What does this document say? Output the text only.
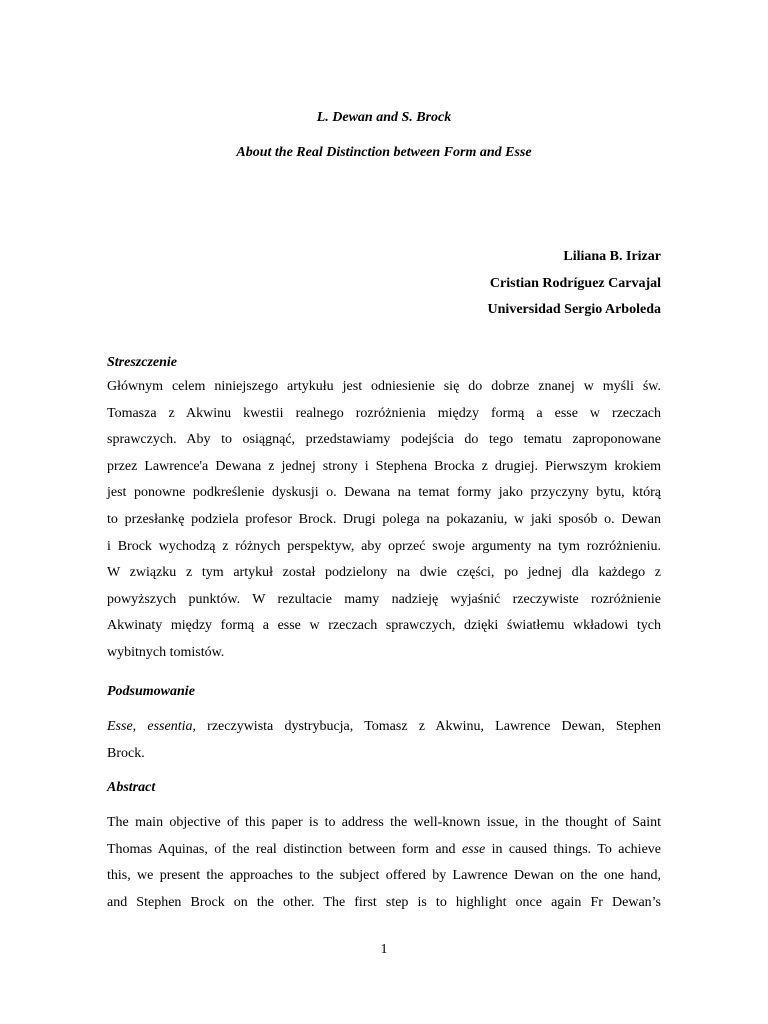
L. Dewan and S. Brock
About the Real Distinction between Form and Esse
Liliana B. Irizar
Cristian Rodríguez Carvajal
Universidad Sergio Arboleda
Streszczenie
Głównym celem niniejszego artykułu jest odniesienie się do dobrze znanej w myśli św.
Tomasza z Akwinu kwestii realnego rozróżnienia między formą a esse w rzeczach
sprawczych. Aby to osiągnąć, przedstawiamy podejścia do tego tematu zaproponowane
przez Lawrence'a Dewana z jednej strony i Stephena Brocka z drugiej. Pierwszym krokiem
jest ponowne podkreślenie dyskusji o. Dewana na temat formy jako przyczyny bytu, którą
to przesłankę podziela profesor Brock. Drugi polega na pokazaniu, w jaki sposób o. Dewan
i Brock wychodzą z różnych perspektyw, aby oprzeć swoje argumenty na tym rozróżnieniu.
W związku z tym artykuł został podzielony na dwie części, po jednej dla każdego z
powyższych punktów. W rezultacie mamy nadzieję wyjaśnić rzeczywiste rozróżnienie
Akwinaty między formą a esse w rzeczach sprawczych, dzięki światłemu wkładowi tych
wybitnych tomistów.
Podsumowanie
Esse, essentia, rzeczywista dystrybucja, Tomasz z Akwinu, Lawrence Dewan, Stephen
Brock.
Abstract
The main objective of this paper is to address the well-known issue, in the thought of Saint
Thomas Aquinas, of the real distinction between form and esse in caused things. To achieve
this, we present the approaches to the subject offered by Lawrence Dewan on the one hand,
and Stephen Brock on the other. The first step is to highlight once again Fr Dewan’s
1
